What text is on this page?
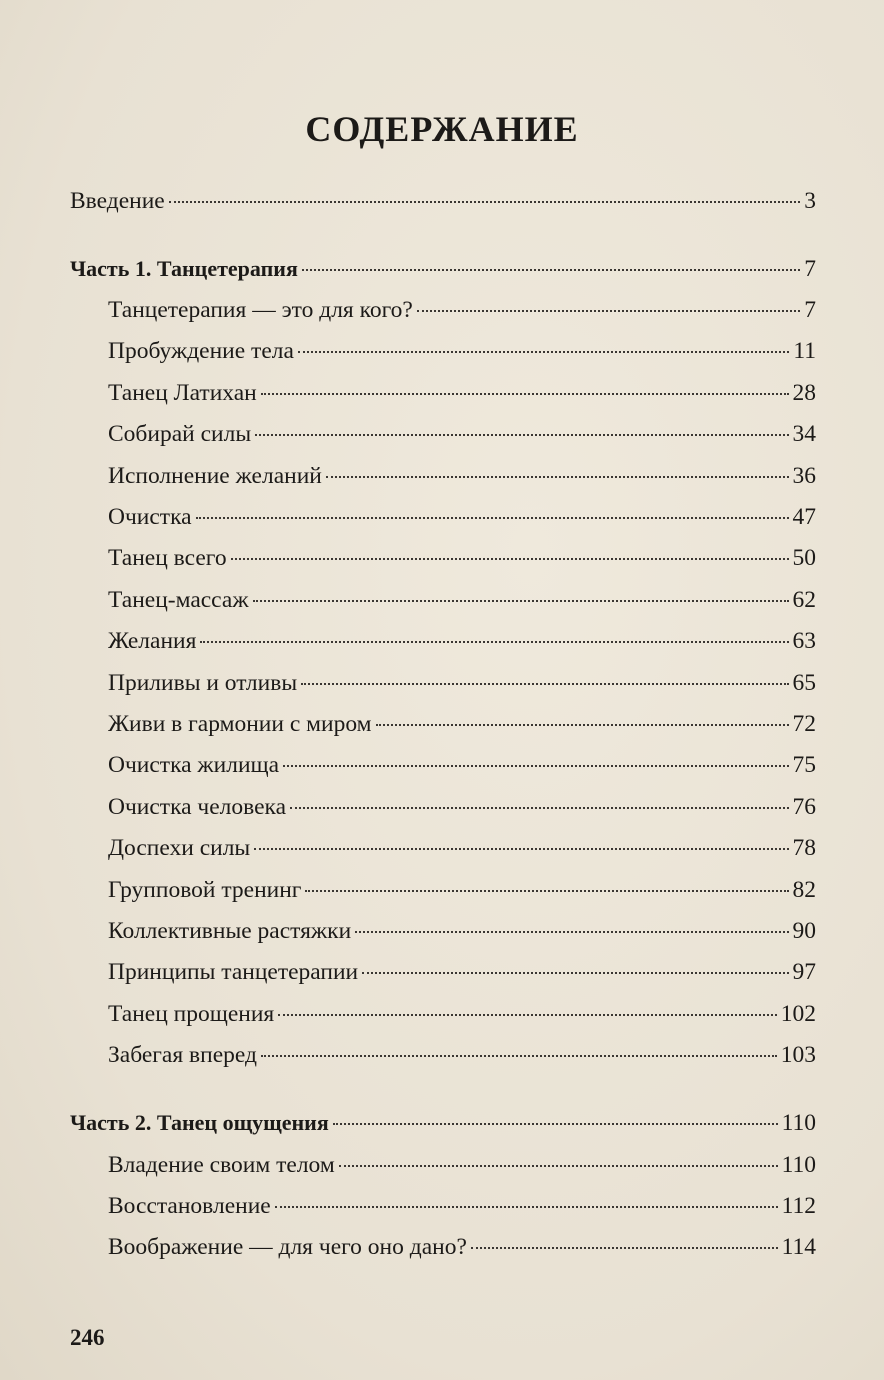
СОДЕРЖАНИЕ
Введение	3
Часть 1. Танцетерапия	7
Танцетерапия — это для кого?	7
Пробуждение тела	11
Танец Латихан	28
Собирай силы	34
Исполнение желаний	36
Очистка	47
Танец всего	50
Танец-массаж	62
Желания	63
Приливы и отливы	65
Живи в гармонии с миром	72
Очистка жилища	75
Очистка человека	76
Доспехи силы	78
Групповой тренинг	82
Коллективные растяжки	90
Принципы танцетерапии	97
Танец прощения	102
Забегая вперед	103
Часть 2. Танец ощущения	110
Владение своим телом	110
Восстановление	112
Воображение — для чего оно дано?	114
246
